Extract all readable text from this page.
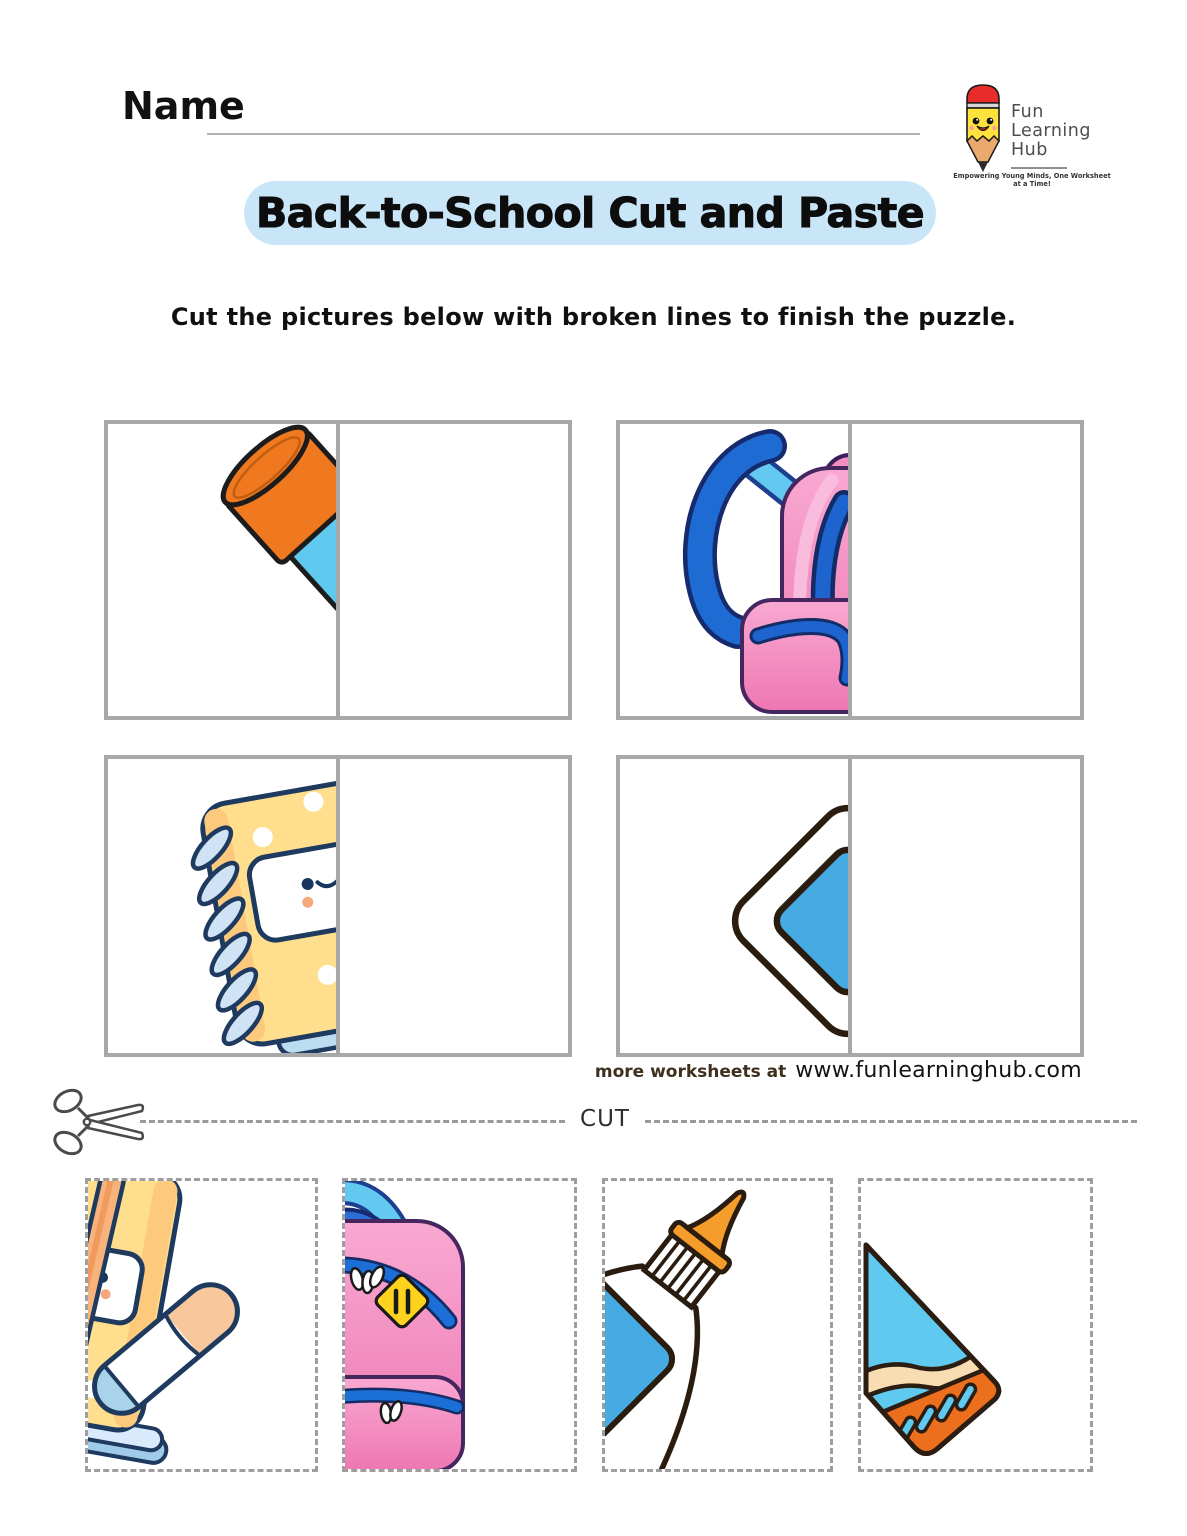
Name	Fun
Learning
Hub
Empowering Young Minds, One Worksheet at a Time!
Back-to-School Cut and Paste
Cut the pictures below with broken lines to finish the puzzle.
more worksheets at www.funlearninghub.com
CUT
